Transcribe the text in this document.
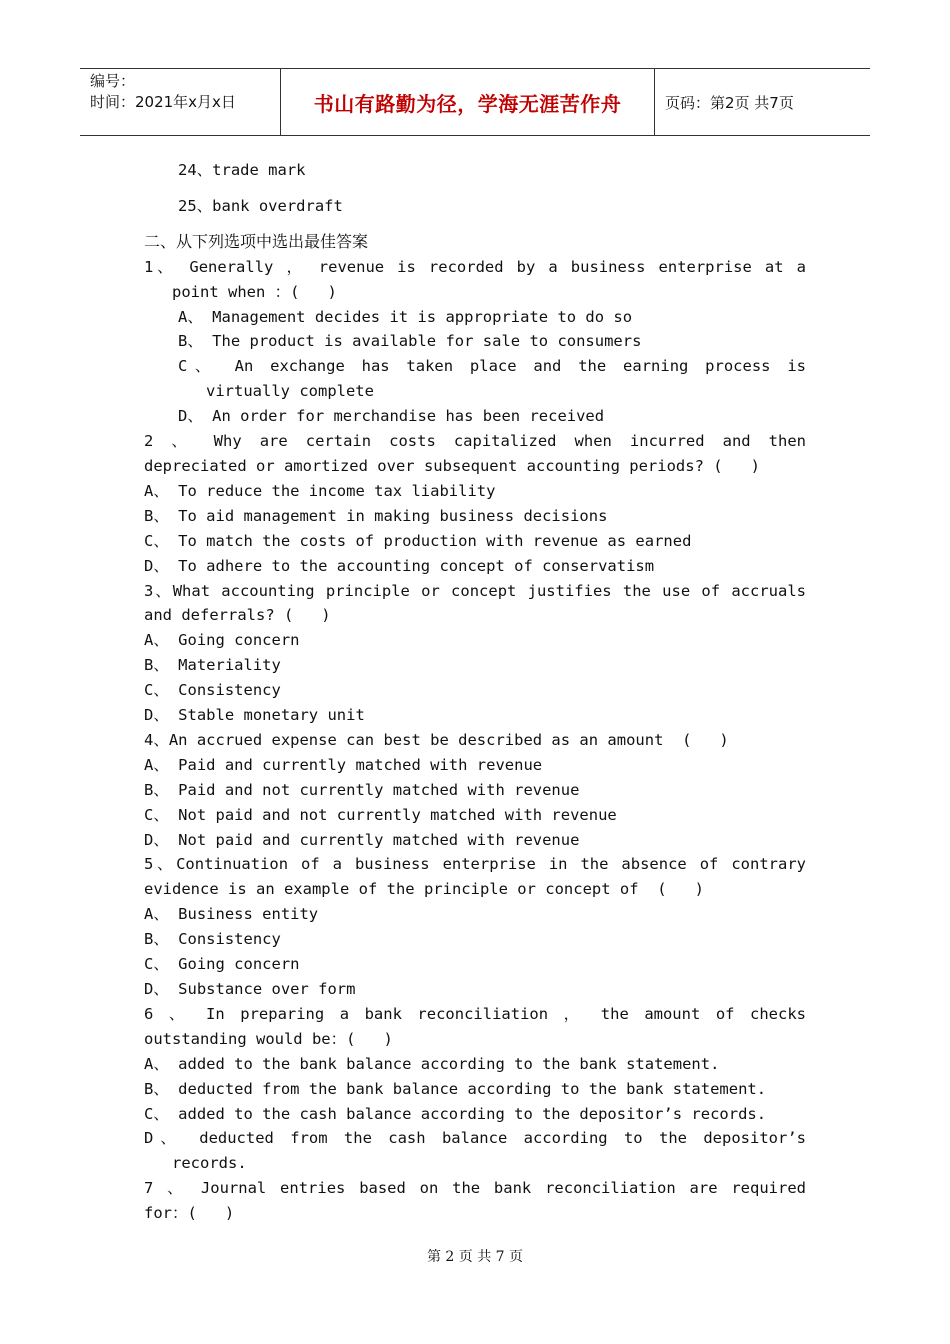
编号：
时间：2021年x月x日	书山有路勤为径，学海无涯苦作舟	页码：第2页 共7页
24、trade mark
25、bank overdraft
二、从下列选项中选出最佳答案
1、 Generally ， revenue is recorded by a business enterprise at a
point when ：(   )
A、 Management decides it is appropriate to do so
B、 The product is available for sale to consumers
C、 An exchange has taken place and the earning process is
virtually complete
D、 An order for merchandise has been received
2 、 Why are certain costs capitalized when incurred and then
depreciated or amortized over subsequent accounting periods? (   )
A、 To reduce the income tax liability
B、 To aid management in making business decisions
C、 To match the costs of production with revenue as earned
D、 To adhere to the accounting concept of conservatism
3、What accounting principle or concept justifies the use of accruals
and deferrals? (   )
A、 Going concern
B、 Materiality
C、 Consistency
D、 Stable monetary unit
4、An accrued expense can best be described as an amount  (   )
A、 Paid and currently matched with revenue
B、 Paid and not currently matched with revenue
C、 Not paid and not currently matched with revenue
D、 Not paid and currently matched with revenue
5、Continuation of a business enterprise in the absence of contrary
evidence is an example of the principle or concept of  (   )
A、 Business entity
B、 Consistency
C、 Going concern
D、 Substance over form
6 、 In preparing a bank reconciliation ， the amount of checks
outstanding would be：(   )
A、 added to the bank balance according to the bank statement.
B、 deducted from the bank balance according to the bank statement.
C、 added to the cash balance according to the depositor’s records.
D、 deducted from the cash balance according to the depositor’s
records.
7 、 Journal entries based on the bank reconciliation are required
for：(   )
第 2 页 共 7 页
